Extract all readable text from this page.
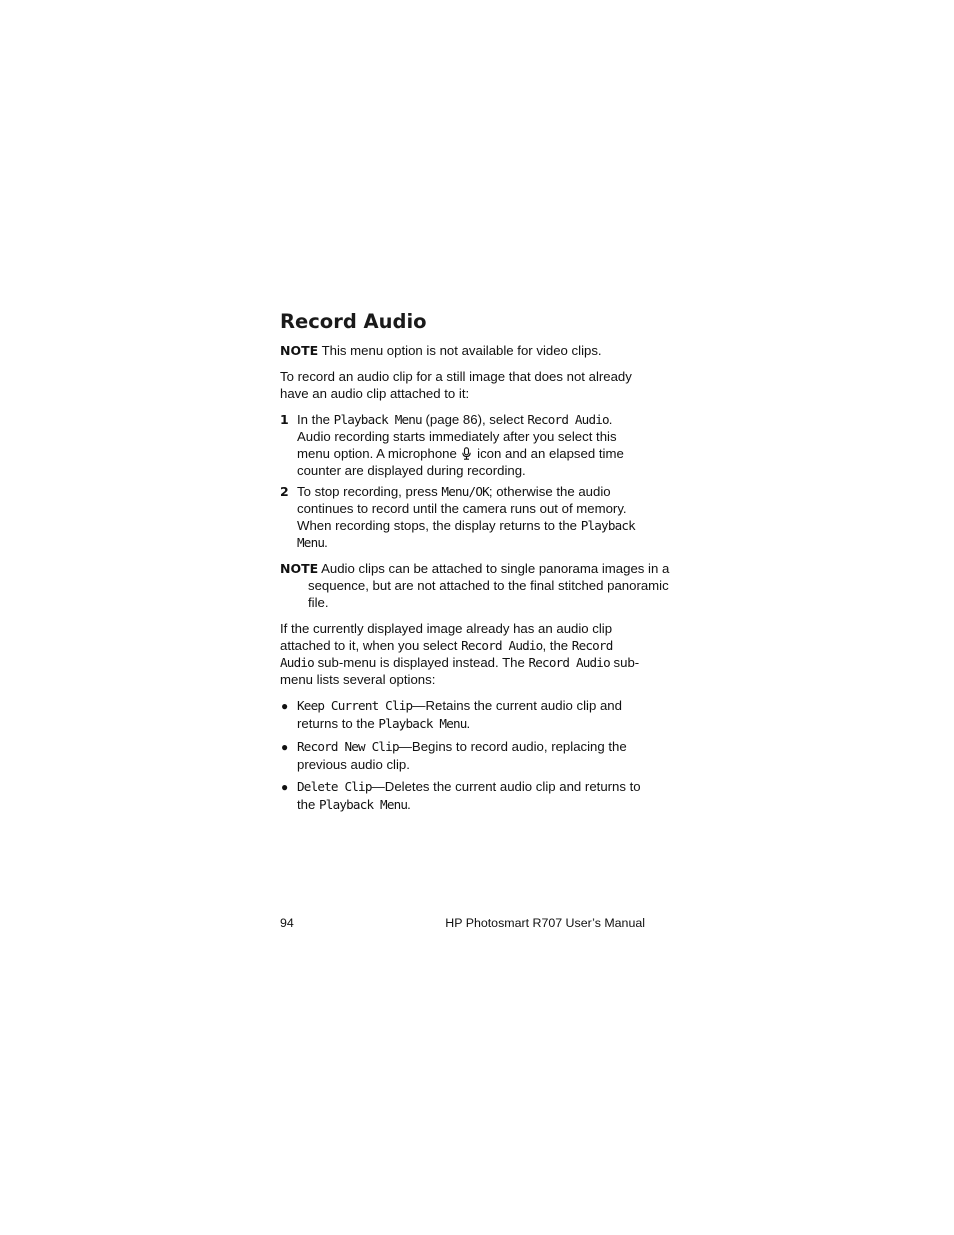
Record Audio

NOTE This menu option is not available for video clips.

To record an audio clip for a still image that does not already have an audio clip attached to it:

1 In the Playback Menu (page 86), select Record Audio. Audio recording starts immediately after you select this menu option. A microphone  icon and an elapsed time counter are displayed during recording.
2 To stop recording, press Menu/OK; otherwise the audio continues to record until the camera runs out of memory. When recording stops, the display returns to the Playback Menu.

NOTE Audio clips can be attached to single panorama images in a sequence, but are not attached to the final stitched panoramic file.

If the currently displayed image already has an audio clip attached to it, when you select Record Audio, the Record Audio sub-menu is displayed instead. The Record Audio sub-menu lists several options:

● Keep Current Clip—Retains the current audio clip and returns to the Playback Menu.
● Record New Clip—Begins to record audio, replacing the previous audio clip.
● Delete Clip—Deletes the current audio clip and returns to the Playback Menu.
94	HP Photosmart R707 User’s Manual
